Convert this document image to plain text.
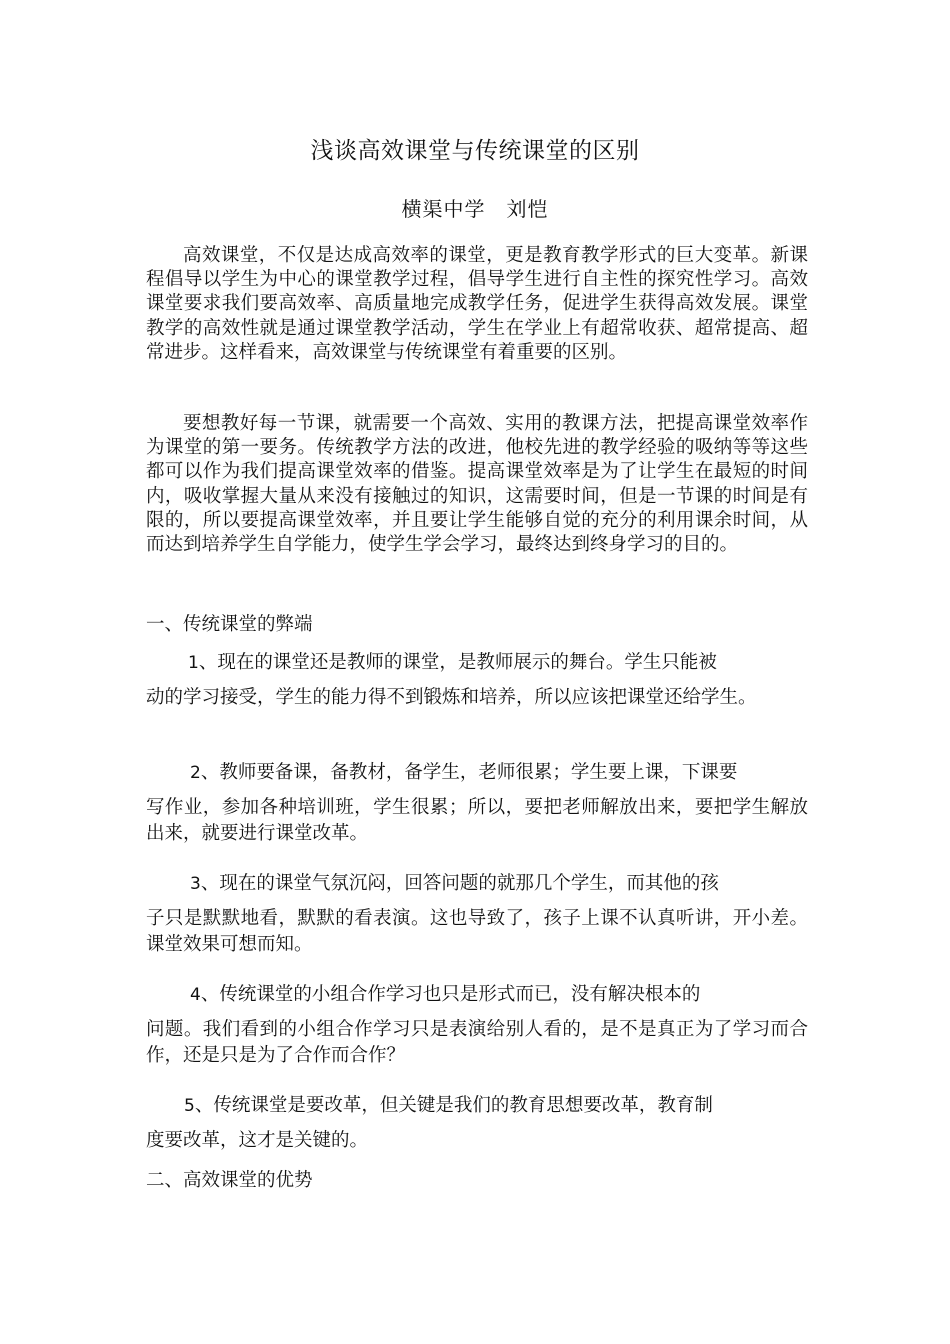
浅谈高效课堂与传统课堂的区别
横渠中学　刘恺

高效课堂，不仅是达成高效率的课堂，更是教育教学形式的巨大变革。新课程倡导以学生为中心的课堂教学过程，倡导学生进行自主性的探究性学习。高效课堂要求我们要高效率、高质量地完成教学任务，促进学生获得高效发展。课堂教学的高效性就是通过课堂教学活动，学生在学业上有超常收获、超常提高、超常进步。这样看来，高效课堂与传统课堂有着重要的区别。

要想教好每一节课，就需要一个高效、实用的教课方法，把提高课堂效率作为课堂的第一要务。传统教学方法的改进，他校先进的教学经验的吸纳等等这些都可以作为我们提高课堂效率的借鉴。提高课堂效率是为了让学生在最短的时间内，吸收掌握大量从来没有接触过的知识，这需要时间，但是一节课的时间是有限的，所以要提高课堂效率，并且要让学生能够自觉的充分的利用课余时间，从而达到培养学生自学能力，使学生学会学习，最终达到终身学习的目的。

一、传统课堂的弊端

1、现在的课堂还是教师的课堂，是教师展示的舞台。学生只能被
动的学习接受，学生的能力得不到锻炼和培养，所以应该把课堂还给学生。
2、教师要备课，备教材，备学生，老师很累；学生要上课，下课要
写作业，参加各种培训班，学生很累；所以，要把老师解放出来，要把学生解放出来，就要进行课堂改革。
3、现在的课堂气氛沉闷，回答问题的就那几个学生，而其他的孩
子只是默默地看，默默的看表演。这也导致了，孩子上课不认真听讲，开小差。课堂效果可想而知。
4、传统课堂的小组合作学习也只是形式而已，没有解决根本的
问题。我们看到的小组合作学习只是表演给别人看的，是不是真正为了学习而合作，还是只是为了合作而合作？
5、传统课堂是要改革，但关键是我们的教育思想要改革，教育制
度要改革，这才是关键的。

二、高效课堂的优势
